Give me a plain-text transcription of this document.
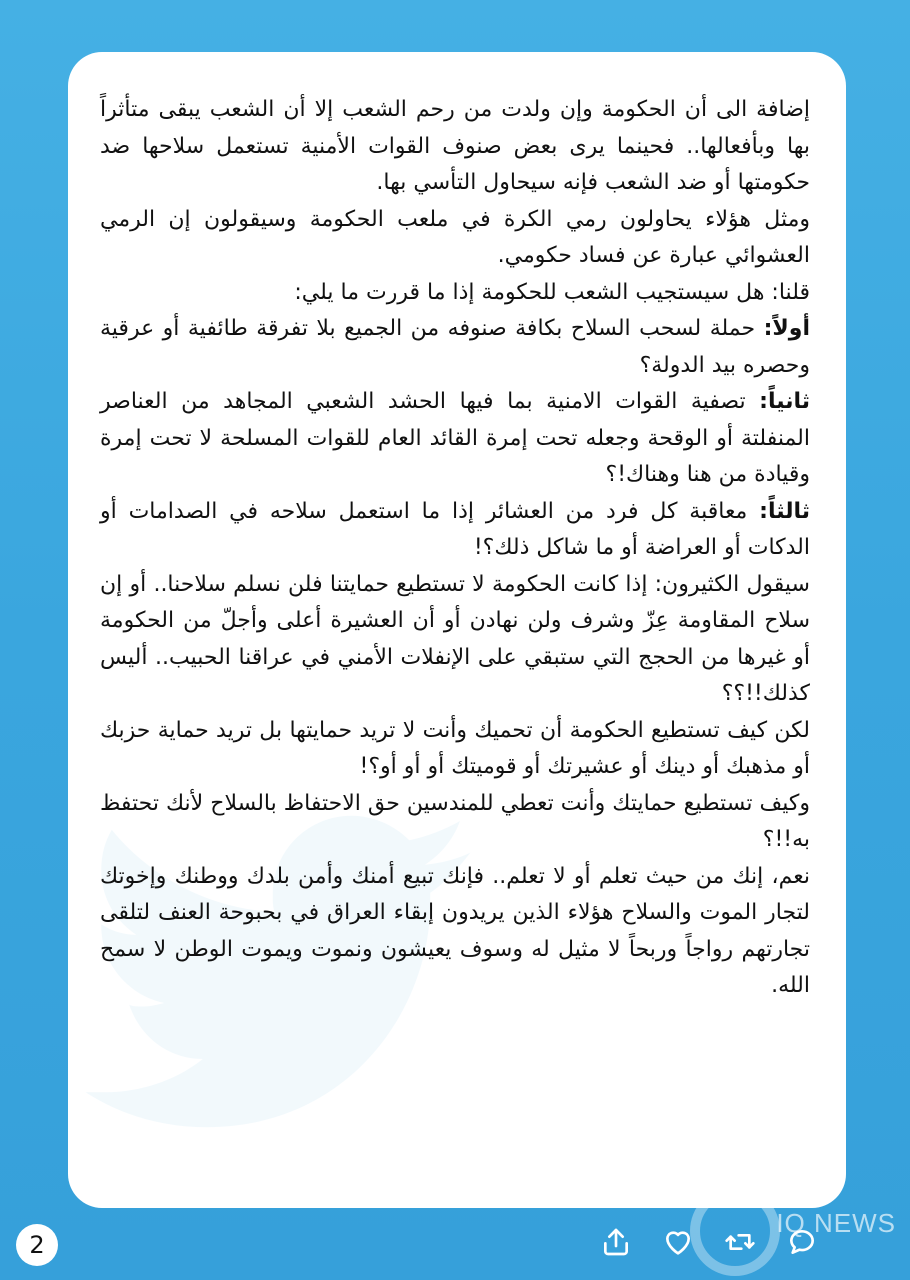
إضافة الى أن الحكومة وإن ولدت من رحم الشعب إلا أن الشعب يبقى متأثراً بها وبأفعالها.. فحينما يرى بعض صنوف القوات الأمنية تستعمل سلاحها ضد حكومتها أو ضد الشعب فإنه سيحاول التأسي بها.

ومثل هؤلاء يحاولون رمي الكرة في ملعب الحكومة وسيقولون إن الرمي العشوائي عبارة عن فساد حكومي.

قلنا: هل سيستجيب الشعب للحكومة إذا ما قررت ما يلي:

أولاً: حملة لسحب السلاح بكافة صنوفه من الجميع بلا تفرقة طائفية أو عرقية وحصره بيد الدولة؟

ثانياً: تصفية القوات الامنية بما فيها الحشد الشعبي المجاهد من العناصر المنفلتة أو الوقحة وجعله تحت إمرة القائد العام للقوات المسلحة لا تحت إمرة وقيادة من هنا وهناك!؟

ثالثاً: معاقبة كل فرد من العشائر إذا ما استعمل سلاحه في الصدامات أو الدكات أو العراضة أو ما شاكل ذلك؟!

سيقول الكثيرون: إذا كانت الحكومة لا تستطيع حمايتنا فلن نسلم سلاحنا.. أو إن سلاح المقاومة عِزّ وشرف ولن نهادن أو أن العشيرة أعلى وأجلّ من الحكومة أو غيرها من الحجج التي ستبقي على الإنفلات الأمني في عراقنا الحبيب.. أليس كذلك!!؟؟

لكن كيف تستطيع الحكومة أن تحميك وأنت لا تريد حمايتها بل تريد حماية حزبك أو مذهبك أو دينك أو عشيرتك أو قوميتك أو أو أو؟!

وكيف تستطيع حمايتك وأنت تعطي للمندسين حق الاحتفاظ بالسلاح لأنك تحتفظ به!!؟

نعم، إنك من حيث تعلم أو لا تعلم.. فإنك تبيع أمنك وأمن بلدك ووطنك وإخوتك لتجار الموت والسلاح هؤلاء الذين يريدون إبقاء العراق في بحبوحة العنف لتلقى تجارتهم رواجاً وربحاً لا مثيل له وسوف يعيشون ونموت ويموت الوطن لا سمح الله.

2
IQ NEWS
